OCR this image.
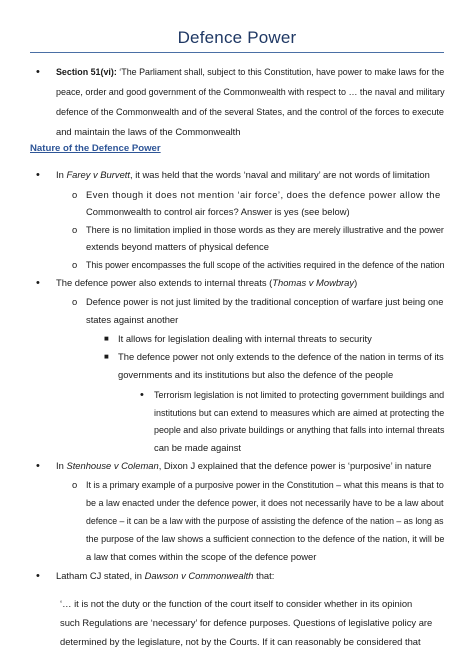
Defence Power
• Section 51(vi): ‘The Parliament shall, subject to this Constitution, have power to make laws for the
peace, order and good government of the Commonwealth with respect to … the naval and military
defence of the Commonwealth and of the several States, and the control of the forces to execute
and maintain the laws of the Commonwealth
Nature of the Defence Power
• In Farey v Burvett, it was held that the words ‘naval and military’ are not words of limitation
o Even though it does not mention ‘air force’, does the defence power allow the
Commonwealth to control air forces? Answer is yes (see below)
o There is no limitation implied in those words as they are merely illustrative and the power
extends beyond matters of physical defence
o This power encompasses the full scope of the activities required in the defence of the nation
• The defence power also extends to internal threats (Thomas v Mowbray)
o Defence power is not just limited by the traditional conception of warfare just being one
states against another
■ It allows for legislation dealing with internal threats to security
■ The defence power not only extends to the defence of the nation in terms of its
governments and its institutions but also the defence of the people
• Terrorism legislation is not limited to protecting government buildings and
institutions but can extend to measures which are aimed at protecting the
people and also private buildings or anything that falls into internal threats
can be made against
• In Stenhouse v Coleman, Dixon J explained that the defence power is ‘purposive’ in nature
o It is a primary example of a purposive power in the Constitution – what this means is that to
be a law enacted under the defence power, it does not necessarily have to be a law about
defence – it can be a law with the purpose of assisting the defence of the nation – as long as
the purpose of the law shows a sufficient connection to the defence of the nation, it will be
a law that comes within the scope of the defence power
• Latham CJ stated, in Dawson v Commonwealth that:
‘… it is not the duty or the function of the court itself to consider whether in its opinion
such Regulations are ‘necessary’ for defence purposes. Questions of legislative policy are
determined by the legislature, not by the Courts. If it can reasonably be considered that
